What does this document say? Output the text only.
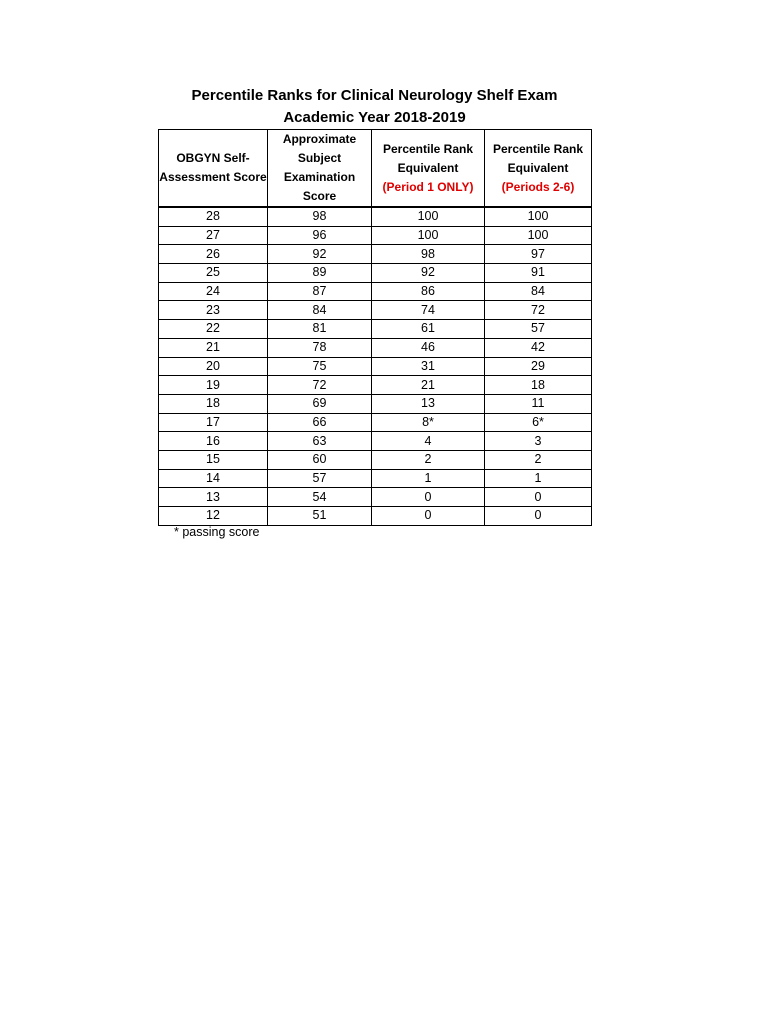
Percentile Ranks for Clinical Neurology Shelf Exam
Academic Year 2018-2019
OBGYN Self-
Assessment Score	Approximate
Subject
Examination
Score	Percentile Rank
Equivalent
(Period 1 ONLY)	Percentile Rank
Equivalent
(Periods 2-6)

28	98	100	100
27	96	100	100
26	92	98	97
25	89	92	91
24	87	86	84
23	84	74	72
22	81	61	57
21	78	46	42
20	75	31	29
19	72	21	18
18	69	13	11
17	66	8*	6*
16	63	4	3
15	60	2	2
14	57	1	1
13	54	0	0
12	51	0	0
* passing score
